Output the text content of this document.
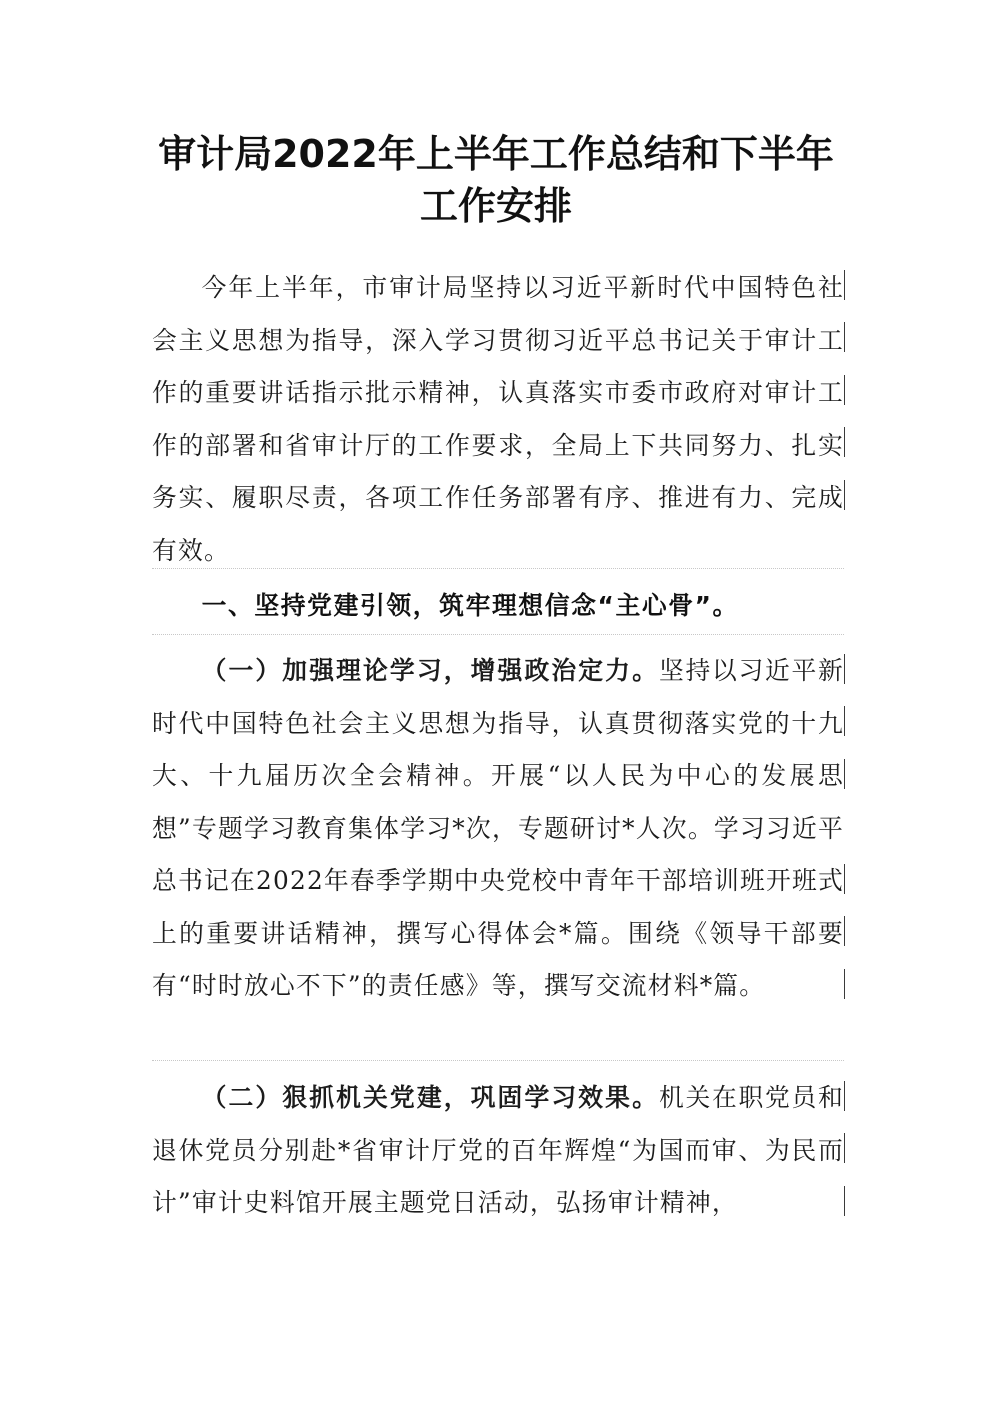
审计局2022年上半年工作总结和下半年工作安排

今年上半年，市审计局坚持以习近平新时代中国特色社会主义思想为指导，深入学习贯彻习近平总书记关于审计工作的重要讲话指示批示精神，认真落实市委市政府对审计工作的部署和省审计厅的工作要求，全局上下共同努力、扎实务实、履职尽责，各项工作任务部署有序、推进有力、完成有效。

一、坚持党建引领，筑牢理想信念“主心骨”。

（一）加强理论学习，增强政治定力。坚持以习近平新时代中国特色社会主义思想为指导，认真贯彻落实党的十九大、十九届历次全会精神。开展“以人民为中心的发展思想”专题学习教育集体学习*次，专题研讨*人次。学习习近平总书记在2022年春季学期中央党校中青年干部培训班开班式上的重要讲话精神，撰写心得体会*篇。围绕《领导干部要有“时时放心不下”的责任感》等，撰写交流材料*篇。

（二）狠抓机关党建，巩固学习效果。机关在职党员和退休党员分别赴*省审计厅党的百年辉煌“为国而审、为民而计”审计史料馆开展主题党日活动，弘扬审计精神，
